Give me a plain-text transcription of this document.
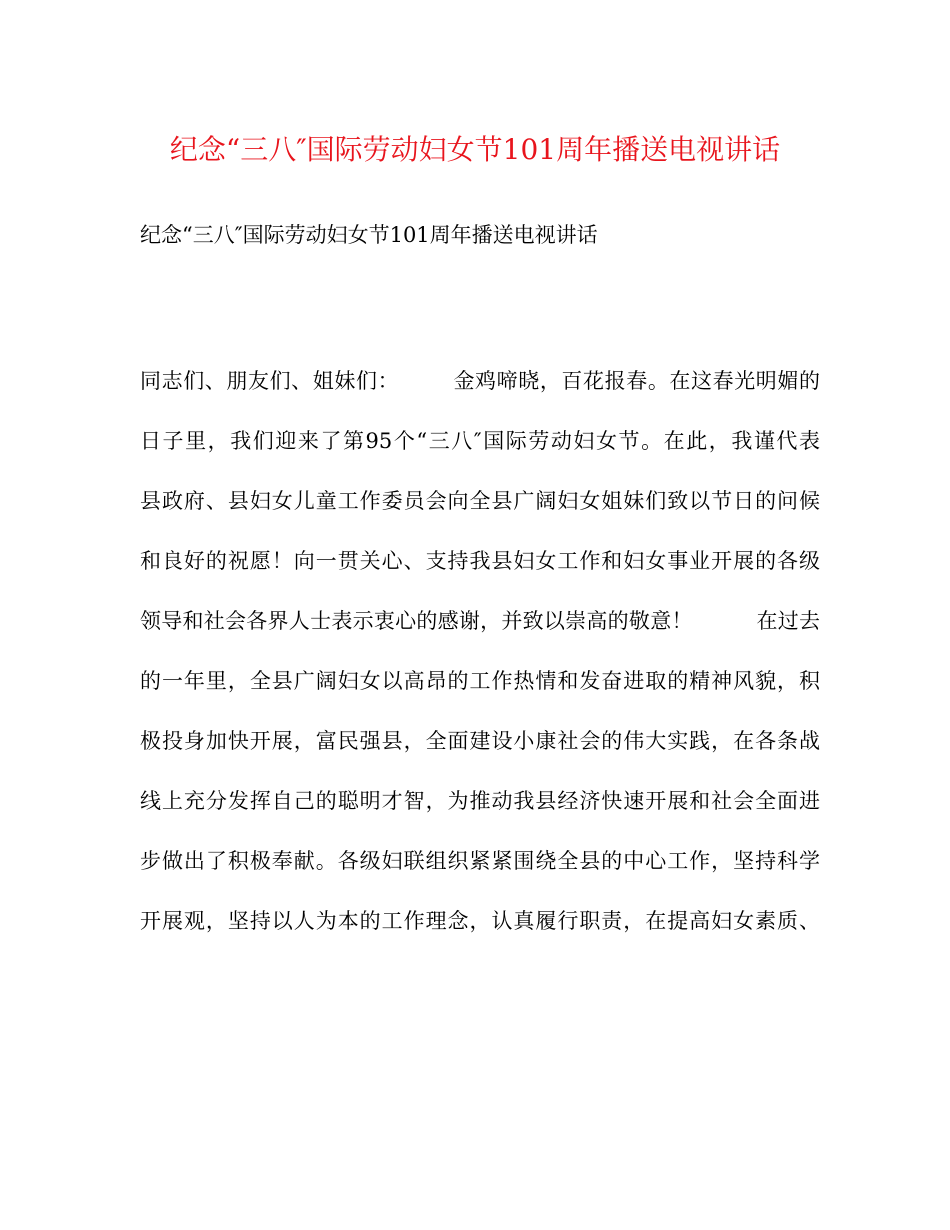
纪念“三八″国际劳动妇女节101周年播送电视讲话

纪念“三八″国际劳动妇女节101周年播送电视讲话

同志们、朋友们、姐妹们：　　　金鸡啼晓，百花报春。在这春光明媚的
日子里，我们迎来了第95个“三八″国际劳动妇女节。在此，我谨代表
县政府、县妇女儿童工作委员会向全县广阔妇女姐妹们致以节日的问候
和良好的祝愿！向一贯关心、支持我县妇女工作和妇女事业开展的各级
领导和社会各界人士表示衷心的感谢，并致以崇高的敬意！　　　在过去
的一年里，全县广阔妇女以高昂的工作热情和发奋进取的精神风貌，积
极投身加快开展，富民强县，全面建设小康社会的伟大实践，在各条战
线上充分发挥自己的聪明才智，为推动我县经济快速开展和社会全面进
步做出了积极奉献。各级妇联组织紧紧围绕全县的中心工作，坚持科学
开展观，坚持以人为本的工作理念，认真履行职责，在提高妇女素质、
